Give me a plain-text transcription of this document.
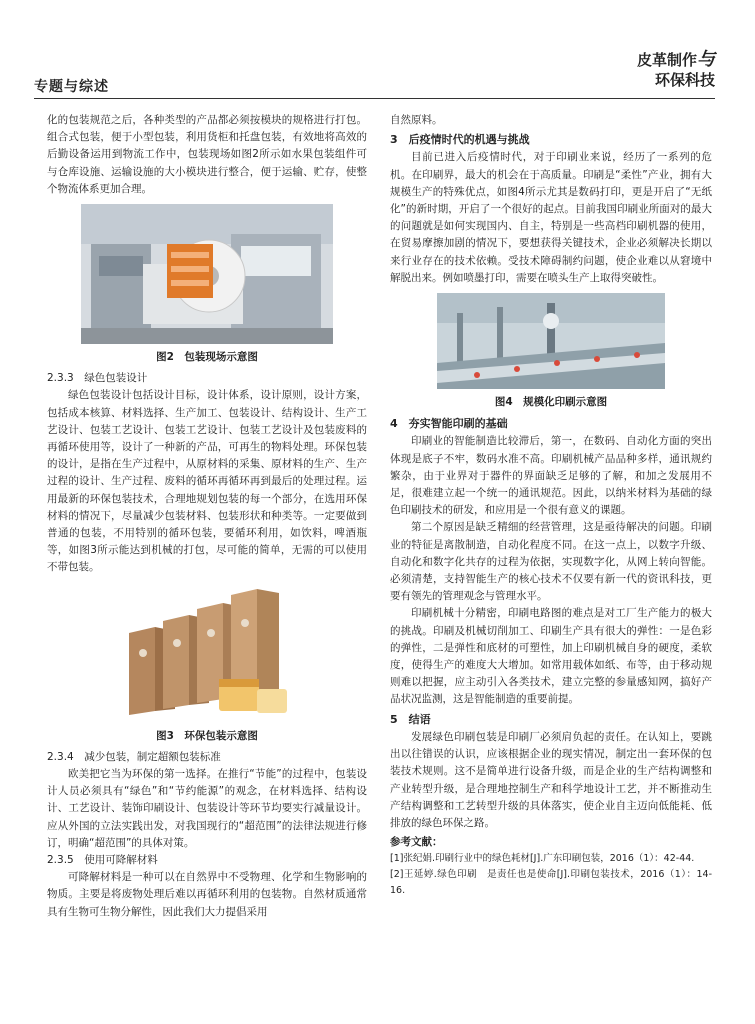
专题与综述
皮革制作与
环保科技

化的包装规范之后，各种类型的产品都必须按模块的规格进行打包。组合式包装，便于小型包装，利用货柜和托盘包装，有效地将高效的后勤设备运用到物流工作中，包装现场如图2所示如水果包装组件可与仓库设施、运输设施的大小模块进行整合，便于运输、贮存，使整个物流体系更加合理。

图2　包装现场示意图
2.3.3　绿色包装设计

绿色包装设计包括设计目标，设计体系，设计原则，设计方案，包括成本核算、材料选择、生产加工、包装设计、结构设计、生产工艺设计、包装工艺设计、包装工艺设计、包装工艺设计及包装废料的再循环使用等，设计了一种新的产品，可再生的物料处理。环保包装的设计，是指在生产过程中，从原材料的采集、原材料的生产、生产过程的设计、生产过程、废料的循环再循环再到最后的处理过程。运用最新的环保包装技术，合理地规划包装的每一个部分，在选用环保材料的情况下，尽量减少包装材料、包装形状和种类等。一定要做到普通的包装，不用特别的循环包装，要循环利用，如饮料，啤酒瓶等，如图3所示能达到机械的打包，尽可能的简单，无需的可以使用不带包装。

图3　环保包装示意图
2.3.4　减少包装，制定超额包装标准

欧美把它当为环保的第一选择。在推行“节能”的过程中，包装设计人员必须具有“绿色”和“节约能源”的观念，在材料选择、结构设计、工艺设计、装饰印刷设计、包装设计等环节均要实行减量设计。应从外国的立法实践出发，对我国现行的“超范围”的法律法规进行修订，明确“超范围”的具体对策。

2.3.5　使用可降解材料

可降解材料是一种可以在自然界中不受物理、化学和生物影响的物质。主要是将废物处理后难以再循环利用的包装物。自然材质通常具有生物可生物分解性，因此我们大力提倡采用

自然原料。

3　后疫情时代的机遇与挑战

目前已进入后疫情时代，对于印刷业来说，经历了一系列的危机。在印刷界，最大的机会在于高质量。印刷是“柔性”产业，拥有大规模生产的特殊优点，如图4所示尤其是数码打印，更是开启了“无纸化”的新时期，开启了一个很好的起点。目前我国印刷业所面对的最大的问题就是如何实现国内、自主，特别是一些高档印刷机器的使用，在贸易摩擦加剧的情况下，要想获得关键技术，企业必须解决长期以来行业存在的技术依赖。受技术障碍制约问题，使企业难以从窘境中解脱出来。例如喷墨打印，需要在喷头生产上取得突破性。

图4　规模化印刷示意图
4　夯实智能印刷的基础

印刷业的智能制造比较滞后，第一，在数码、自动化方面的突出体现是底子不牢，数码水准不高。印刷机械产品品种多样，通讯规约繁杂，由于业界对于器件的界面缺乏足够的了解，和加之发展用不足，很难建立起一个统一的通讯规范。因此，以纳米材料为基础的绿色印刷技术的研发，和应用是一个很有意义的课题。

第二个原因是缺乏精细的经营管理，这是亟待解决的问题。印刷业的特征是离散制造，自动化程度不同。在这一点上，以数字升级、自动化和数字化共存的过程为依据，实现数字化，从网上转向智能。必须清楚，支持智能生产的核心技术不仅要有新一代的资讯科技，更要有领先的管理观念与管理水平。

印刷机械十分精密，印刷电路图的难点是对工厂生产能力的极大的挑战。印刷及机械切削加工、印刷生产具有很大的弹性：一是色彩的弹性，二是弹性和底材的可塑性，加上印刷机械自身的硬度，柔软度，使得生产的难度大大增加。如常用载体如纸、布等，由于移动规则难以把握，应主动引入各类技术，建立完整的参量感知网，搞好产品状况监测，这是智能制造的重要前提。

5　结语

发展绿色印刷包装是印刷厂必须肩负起的责任。在认知上，要跳出以往错误的认识，应该根据企业的现实情况，制定出一套环保的包装技术规则。这不是简单进行设备升级，而是企业的生产结构调整和产业转型升级，是合理地控制生产和科学地设计工艺，并不断推动生产结构调整和工艺转型升级的具体落实，使企业自主迈向低能耗、低排放的绿色环保之路。

参考文献：

[1]张纪娟.印刷行业中的绿色耗材[J].广东印刷包装，2016（1）：42-44.

[2]王延婷.绿色印刷　是责任也是使命[J].印刷包装技术，2016（1）：14-16.
